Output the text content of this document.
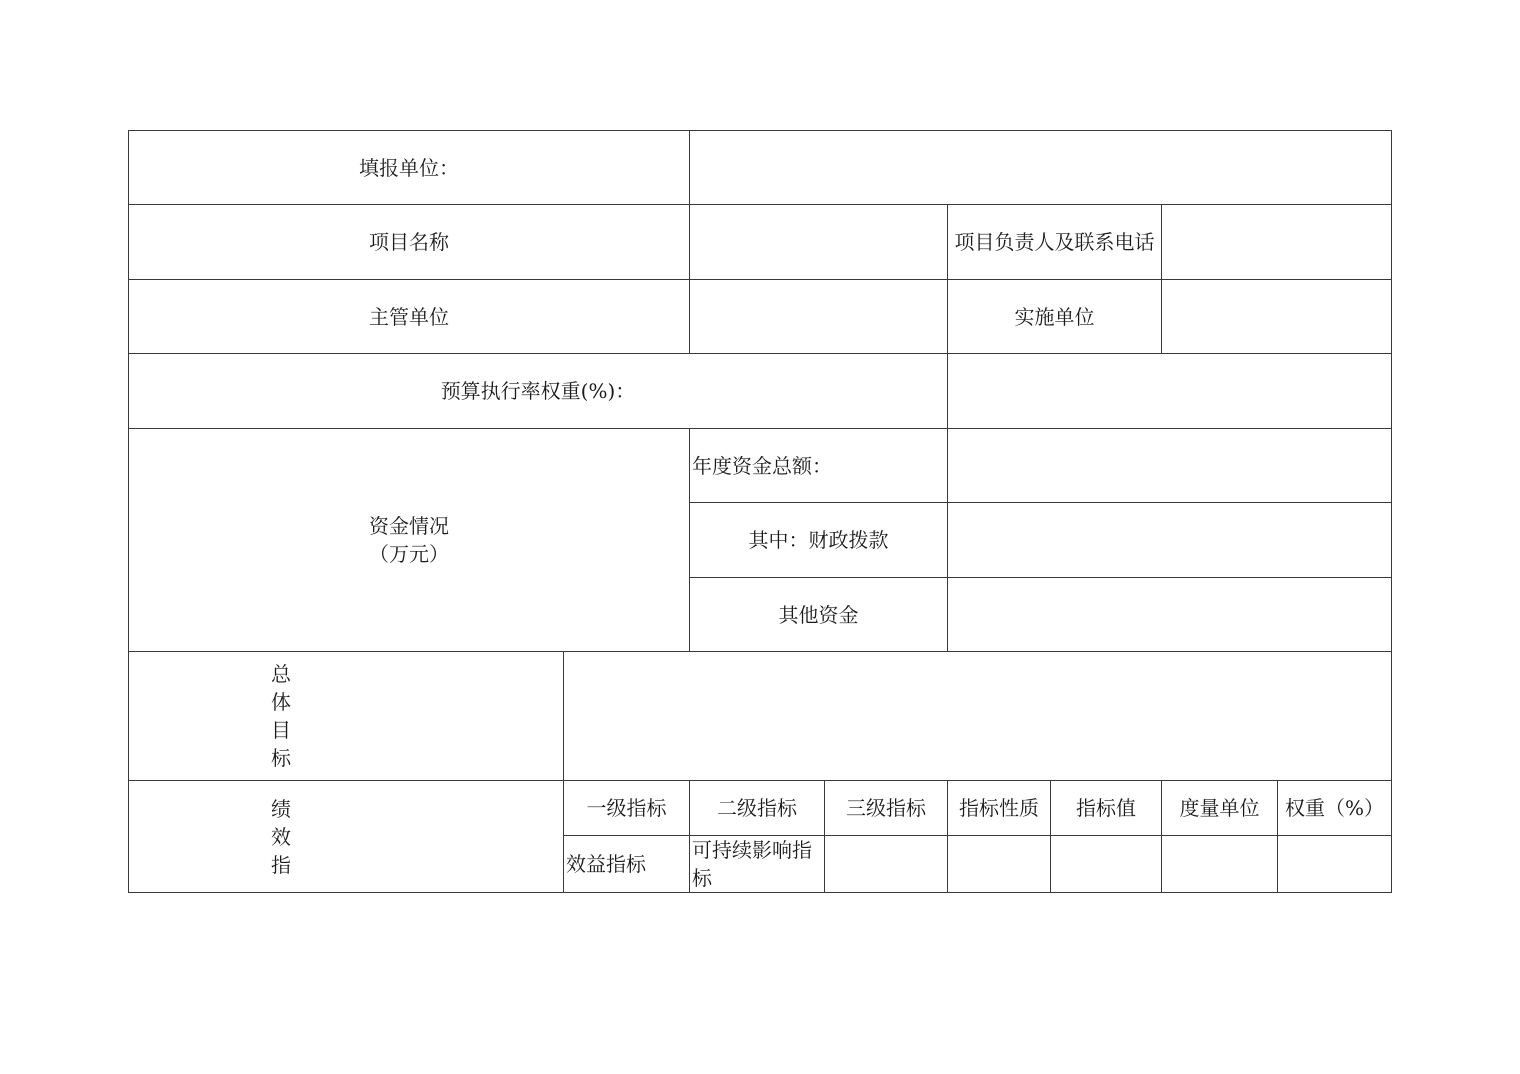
填报单位：							
项目名称				项目负责人及联系电话			
主管单位				实施单位			
预算执行率权重(%)：							

资金情况
（万元）		年度资金总额：					
		其中：财政拨款					
		其他资金					
总体目标							
绩效指	一级指标	二级指标	三级指标	指标性质	指标值	度量单位	权重（%）
	效益指标	可持续影响指标					
